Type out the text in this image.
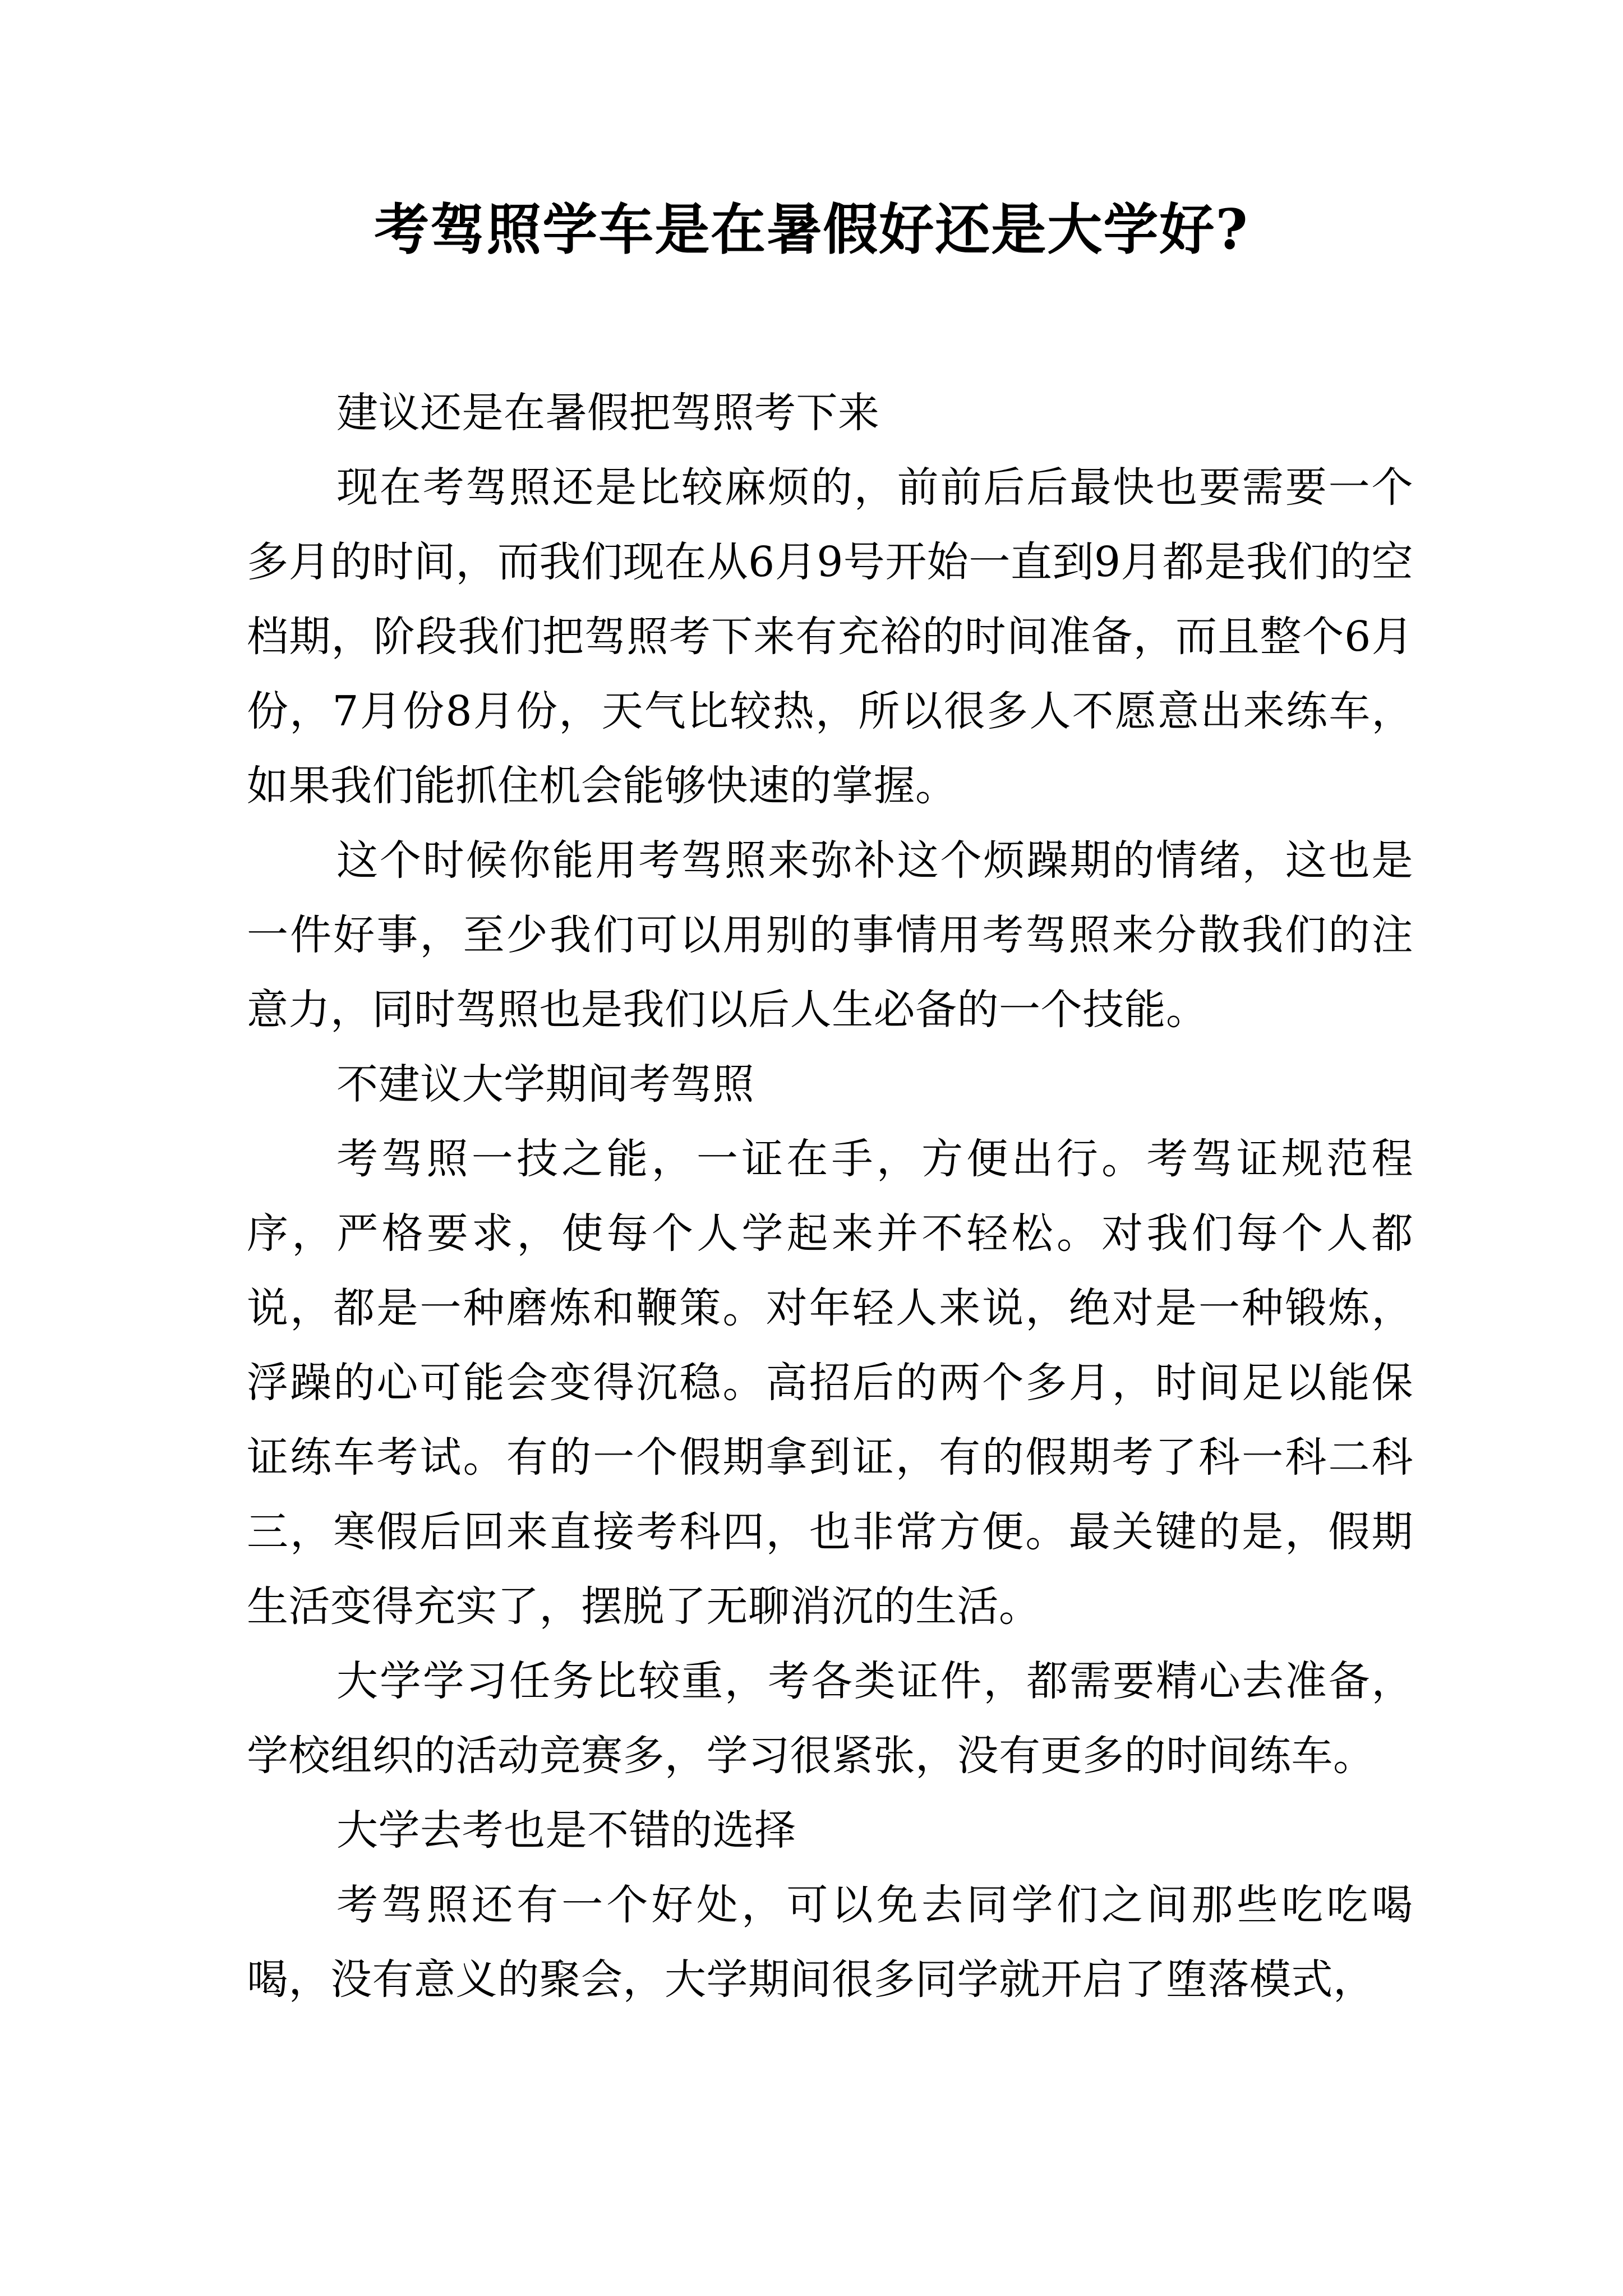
考驾照学车是在暑假好还是大学好?

建议还是在暑假把驾照考下来

现在考驾照还是比较麻烦的，前前后后最快也要需要一个多月的时间，而我们现在从6月9号开始一直到9月都是我们的空档期，阶段我们把驾照考下来有充裕的时间准备，而且整个6月份，7月份8月份，天气比较热，所以很多人不愿意出来练车，如果我们能抓住机会能够快速的掌握。

这个时候你能用考驾照来弥补这个烦躁期的情绪，这也是一件好事，至少我们可以用别的事情用考驾照来分散我们的注意力，同时驾照也是我们以后人生必备的一个技能。

不建议大学期间考驾照

考驾照一技之能，一证在手，方便出行。考驾证规范程序，严格要求，使每个人学起来并不轻松。对我们每个人都说，都是一种磨炼和鞭策。对年轻人来说，绝对是一种锻炼，浮躁的心可能会变得沉稳。高招后的两个多月，时间足以能保证练车考试。有的一个假期拿到证，有的假期考了科一科二科三，寒假后回来直接考科四，也非常方便。最关键的是，假期生活变得充实了，摆脱了无聊消沉的生活。

大学学习任务比较重，考各类证件，都需要精心去准备，学校组织的活动竞赛多，学习很紧张，没有更多的时间练车。

大学去考也是不错的选择

考驾照还有一个好处，可以免去同学们之间那些吃吃喝喝，没有意义的聚会，大学期间很多同学就开启了堕落模式，
